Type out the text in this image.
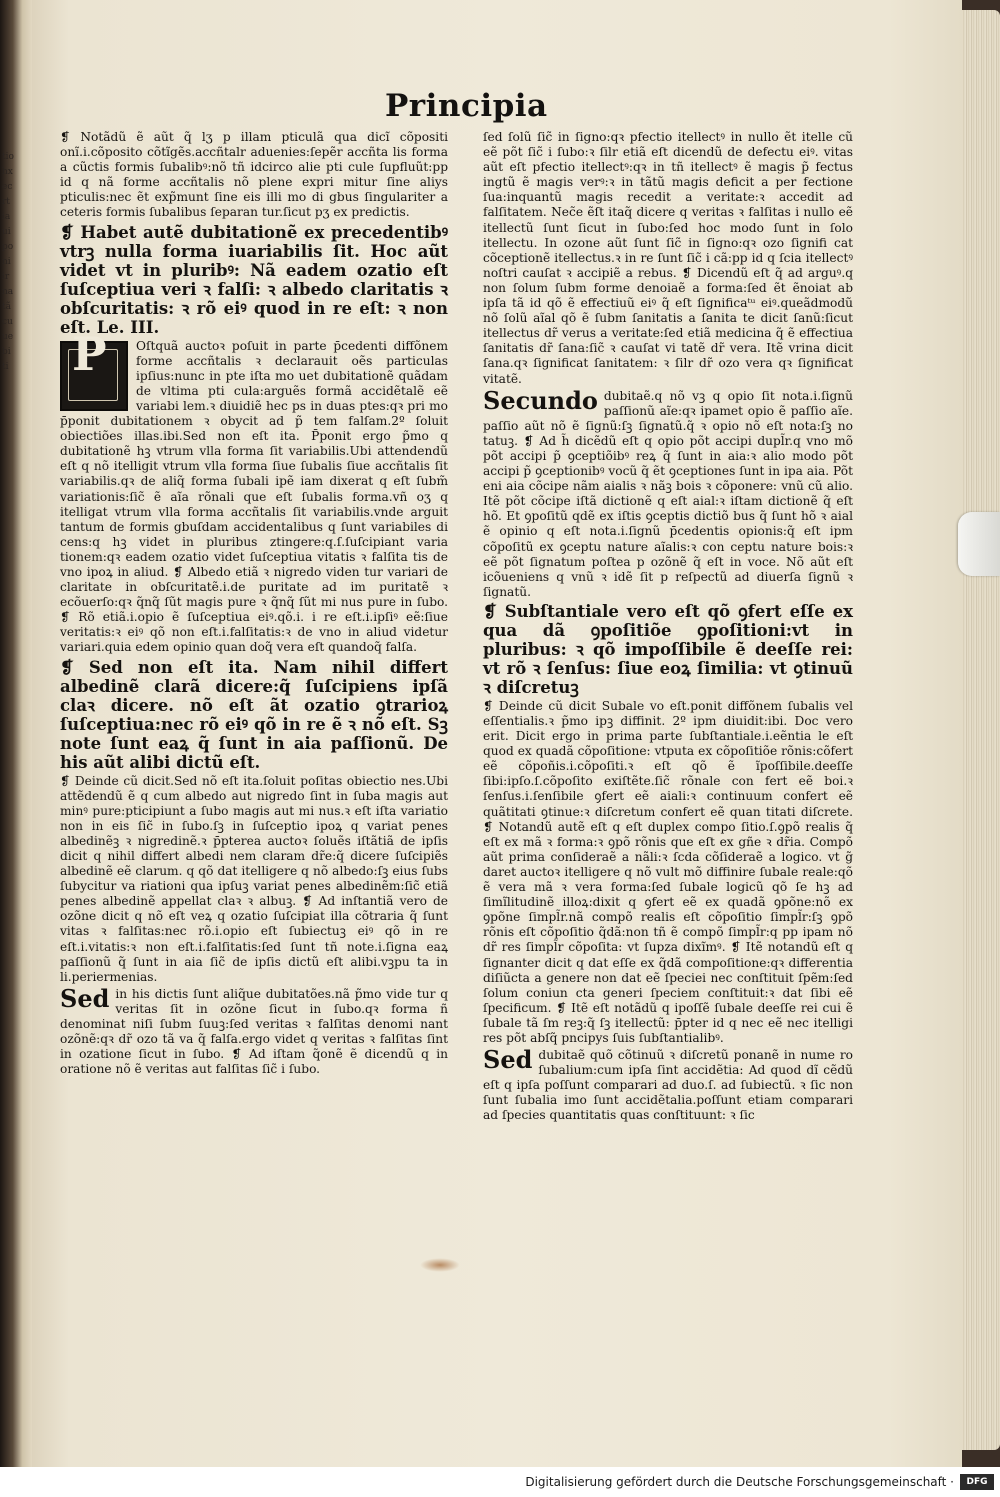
tio
hx
ec
rt
ia
ui
po
ni
ir
na
tã
cu
ue
bi
ti
Principia

❡ Notãdũ ẽ aũt q̃ lʒ p illam pticulã qua dicĩ cõpositi onĩ.i.cõposito cõtĩgẽs.accñtalr aduenies:ſepẽr accñta lis forma a cũctis formis ſubalibꝰ:nõ tñ idcirco alie pti cule ſupfluũt:pp id q nã forme accñtalis nõ plene expri mitur ſine aliys pticulis:nec ẽt exp̃munt ſine eis illi mo di gbus ſingulariter a ceteris formis ſubalibus ſeparan tur.ſicut pʒ ex predictis.

❡ Habet autẽ dubitationẽ ex precedentibꝰ vtrꝫ nulla forma iuariabilis ſit. Hoc aũt videt vt in pluribꝰ: Nã eadem ozatio eſt ſuſceptiua veri ꝛ falſi: ꝛ albedo claritatis ꝛ obſcuritatis: ꝛ rõ eiꝰ quod in re eſt: ꝛ non eſt. Le. III.

P Oſtquã auctoꝛ poſuit in parte p̄cedenti diffõnem forme accñtalis ꝛ declarauit oẽs particulas ipſius:nunc in pte iſta mo uet dubitationẽ quãdam de vltima pti cula:arguẽs formã accidẽtalẽ eẽ variabi lem.ꝛ diuidiẽ hec ps in duas ptes:qꝛ pri mo p̄ponit dubitationem ꝛ obycit ad p̃ tem falſam.2º ſoluit obiectiões illas.ibi.Sed non eſt ita. P̄ponit ergo p̃mo q dubitationẽ hꝫ vtrum vlla forma ſit variabilis.Ubi attendendũ eſt q nõ itelligit vtrum vlla forma ſiue ſubalis ſiue accñtalis ſit variabilis.qꝛ de aliq̃ forma ſubali ipẽ iam dixerat q eſt ſubm̃ variationis:ſic̃ ẽ aĩa rõnali que eſt ſubalis forma.vñ oʒ q itelligat vtrum vlla forma accñtalis ſit variabilis.vnde arguit tantum de formis gbuſdam accidentalibus q ſunt variabiles di cens:q hꝫ videt in pluribus ztingere:q.ſ.ſuſcipiant varia tionem:qꝛ eadem ozatio videt ſuſceptiua vitatis ꝛ falſita tis de vno ipoꝝ in aliud. ❡ Albedo etiã ꝛ nigredo viden tur variari de claritate in obſcuritatẽ.i.de puritate ad im puritatẽ ꝛ ecõuerſo:qꝛ q̃nq̃ ſũt magis pure ꝛ q̃nq̃ ſũt mi nus pure in ſubo. ❡ Rõ etiã.i.opio ẽ ſuſceptiua eiꝰ.qõ.i. i re eſt.i.ipſiꝰ eẽ:ſiue veritatis:ꝛ eiꝰ qõ non eſt.i.falſitatis:ꝛ de vno in aliud videtur variari.quia edem opinio quan doq̃ vera eſt quandoq̃ falſa.

❡ Sed non eſt ita. Nam nihil differt albedinẽ clarã dicere:q̃ ſuſcipiens ipſã claꝛ dicere. nõ eſt ãt ozatio ꝯtrarioꝝ ſuſceptiua:nec rõ eiꝰ qõ in re ẽ ꝛ nõ eſt. Sꝫ note ſunt eaꝝ q̃ ſunt in aia paſſionũ. De his aũt alibi dictũ eſt.

❡ Deinde cũ dicit.Sed nõ eſt ita.ſoluit poſitas obiectio nes.Ubi attẽdendũ ẽ q cum albedo aut nigredo ſint in ſuba magis aut minꝰ pure:pticipiunt a ſubo magis aut mi nus.ꝛ eſt iſta variatio non in eis ſic̃ in ſubo.ſꝫ in ſuſceptio ipoꝝ q variat penes albedinẽꝫ ꝛ nigredinẽ.ꝛ p̄pterea auctoꝛ ſoluẽs iſtãtiã de ipſis dicit q nihil differt albedi nem claram dr̃e:q̃ dicere ſuſcipiẽs albedinẽ eẽ clarum. q qõ dat itelligere q nõ albedo:ſꝫ eius ſubs ſubycitur va riationi qua ipſuꝫ variat penes albedinẽm:ſic̃ etiã penes albedinẽ appellat claꝛ ꝛ albuꝫ. ❡ Ad inſtantiã vero de ozõne dicit q nõ eſt veꝝ q ozatio ſuſcipiat illa cõtraria q̃ ſunt vitas ꝛ falſitas:nec rõ.i.opio eſt ſubiectuꝫ eiꝰ qõ in re eſt.i.vitatis:ꝛ non eſt.i.falſitatis:ſed ſunt tñ note.i.ſigna eaꝝ paſſionũ q̃ ſunt in aia ſic̃ de ipſis dictũ eſt alibi.vꝫpu ta in li.periermenias.

Sed in his dictis ſunt aliq̃ue dubitatões.nã p̃mo vide tur q veritas ſit in ozõne ſicut in ſubo.qꝛ forma ñ denominat niſi ſubm ſuuꝫ:ſed veritas ꝛ falſitas denomi nant ozõnẽ:qꝛ dr̃ ozo tã va q̃ falſa.ergo videt q veritas ꝛ falſitas ſint in ozatione ſicut in ſubo. ❡ Ad iſtam q̃onẽ ẽ dicendũ q in oratione nõ ẽ veritas aut falſitas ſic̃ i ſubo.

ſed ſolũ ſic̃ in ſigno:qꝛ pfectio itellectꝰ in nullo ẽt itelle cũ eẽ põt ſic̃ i ſubo:ꝛ ſilr etiã eſt dicendũ de defectu eiꝰ. vitas aũt eſt pfectio itellectꝰ:qꝛ in tñ itellectꝰ ẽ magis p̃ fectus ingtũ ẽ magis verꝰ:ꝛ in tãtũ magis deficit a per fectione ſua:inquantũ magis recedit a veritate:ꝛ accedit ad falſitatem. Nec̃e ẽſt itaq̃ dicere q veritas ꝛ falſitas i nullo eẽ itellectũ ſunt ſicut in ſubo:ſed hoc modo ſunt in ſolo itellectu. In ozone aũt ſunt ſic̃ in ſigno:qꝛ ozo ſignifi cat cõceptionẽ itellectus.ꝛ in re ſunt ſic̃ i cã:pp id q ſcia itellectꝰ noſtri cauſat ꝛ accipiẽ a rebus. ❡ Dicendũ eſt q̃ ad arguꝰ.q non ſolum ſubm forme denoiaẽ a forma:ſed ẽt ẽnoiat ab ipſa tã id qõ ẽ effectiuũ eiꝰ q̃ eſt ſignificaᵗᵘ eiꝰ.queãdmodũ nõ ſolũ aĩal qõ ẽ ſubm ſanitatis a ſanita te dicit ſanũ:ſicut itellectus dr̃ verus a veritate:ſed etiã medicina q̃ ẽ effectiua ſanitatis dr̃ ſana:ſic̃ ꝛ cauſat vi tatẽ dr̃ vera. Itẽ vrina dicit ſana.qꝛ ſignificat ſanitatem: ꝛ ſilr dr̃ ozo vera qꝛ ſignificat vitatẽ.

Secundo dubitaẽ.q nõ vꝫ q opio ſit nota.i.ſignũ paſſionũ aĩe:qꝛ ipamet opio ẽ paſſio aĩe. paſſio aũt nõ ẽ ſignũ:ſꝫ ſignatũ.q̃ ꝛ opio nõ eſt nota:ſꝫ no tatuꝫ. ❡ Ad h̃ dicẽdũ eſt q opio põt accipi dupl̃r.q vno mõ põt accipi p̃ ꝯceptiõibꝰ reꝝ q̃ ſunt in aia:ꝛ alio modo põt accipi p̃ ꝯceptionibꝰ vocũ q̃ ẽt ꝯceptiones ſunt in ipa aia. Põt eni aia cõcipe nãm aialis ꝛ nãꝫ bois ꝛ cõponere: vnũ cũ alio. Itẽ põt cõcipe iſtã dictionẽ q eſt aial:ꝛ iſtam dictionẽ q̃ eſt hõ. Et ꝯpoſitũ qdẽ ex iſtis ꝯceptis dictiõ bus q̃ ſunt hõ ꝛ aial ẽ opinio q eſt nota.i.ſignũ p̄cedentis opionis:q̃ eſt ipm cõpoſitũ ex ꝯceptu nature aĩalis:ꝛ con ceptu nature bois:ꝛ eẽ põt ſignatum poſtea p ozõnẽ q̃ eſt in voce. Nõ aũt eſt icõueniens q vnũ ꝛ idẽ ſit p reſpectũ ad diuerſa ſignũ ꝛ ſignatũ.

❡ Subſtantiale vero eſt qõ ꝯfert eſſe ex qua dã ꝯpoſitiõe ꝯpoſitioni:vt in pluribus: ꝛ qõ impoſſibile ẽ deeſſe rei: vt rõ ꝛ ſenſus: ſiue eoꝝ ſimilia: vt ꝯtinuũ ꝛ diſcretuꝫ

❡ Deinde cũ dicit Subale vo eſt.ponit diffõnem ſubalis vel eſſentialis.ꝛ p̃mo ipꝫ diffinit. 2º ipm diuidit:ibi. Doc vero erit. Dicit ergo in prima parte ſubſtantiale.i.eẽntia le eſt quod ex quadã cõpoſitione: vtputa ex cõpoſitiõe rõnis:cõfert eẽ cõpoñis.i.cõpoſiti.ꝛ eſt qõ ẽ ĩpoſſibile.deeſſe ſibi:ipſo.ſ.cõpoſito exiſtẽte.ſic̃ rõnale con fert eẽ boi.ꝛ ſenſus.i.ſenſibile ꝯfert eẽ aiali:ꝛ continuum confert eẽ quãtitati ꝯtinue:ꝛ diſcretum confert eẽ quan titati diſcrete. ❡ Notandũ autẽ eſt q eſt duplex compo ſitio.ſ.ꝯpõ realis q̃ eſt ex mã ꝛ forma:ꝛ ꝯpõ rõnis que eſt ex gñe ꝛ dr̃ia. Compõ aũt prima conſideraẽ a nãli:ꝛ ſcda cõſideraẽ a logico. vt g̃ daret auctoꝛ itelligere q nõ vult mõ diffinire ſubale reale:qõ ẽ vera mã ꝛ vera forma:ſed ſubale logicũ qõ ſe hꝫ ad ſimĩlitudinẽ illoꝝ:dixit q ꝯfert eẽ ex quadã ꝯpõne:nõ ex ꝯpõne ſimpl̃r.nã compõ realis eſt cõpoſitio ſimpl̃r:ſꝫ ꝯpõ rõnis eſt cõpoſitio q̃dã:non tñ ẽ compõ ſimpl̃r:q pp ipam nõ dr̃ res ſimpl̃r cõpoſita: vt ſupza dixĩmꝰ. ❡ Itẽ notandũ eſt q ſignanter dicit q dat eſſe ex q̃dã compoſitione:qꝛ differentia diſiũcta a genere non dat eẽ ſpeciei nec conſtituit ſpẽm:ſed ſolum coniun cta generi ſpeciem conſtituit:ꝛ dat ſibi eẽ ſpecificum. ❡ Itẽ eſt notãdũ q ipoſſẽ ſubale deeſſe rei cui ẽ ſubale tã ſm reꝫ:q̃ ſꝫ itellectũ: p̄pter id q nec eẽ nec itelligi res põt abſq̃ pncipys ſuis ſubſtantialibꝰ.

Sed dubitaẽ quõ cõtinuũ ꝛ diſcretũ ponanẽ in nume ro ſubalium:cum ipſa ſint accidẽtia: Ad quod dĩ cẽdũ eſt q ipſa poſſunt comparari ad duo.ſ. ad ſubiectũ. ꝛ ſic non ſunt ſubalia imo ſunt accidẽtalia.poſſunt etiam comparari ad ſpecies quantitatis quas conſtituunt: ꝛ ſic

Digitalisierung gefördert durch die Deutsche Forschungsgemeinschaft ·	DFG
